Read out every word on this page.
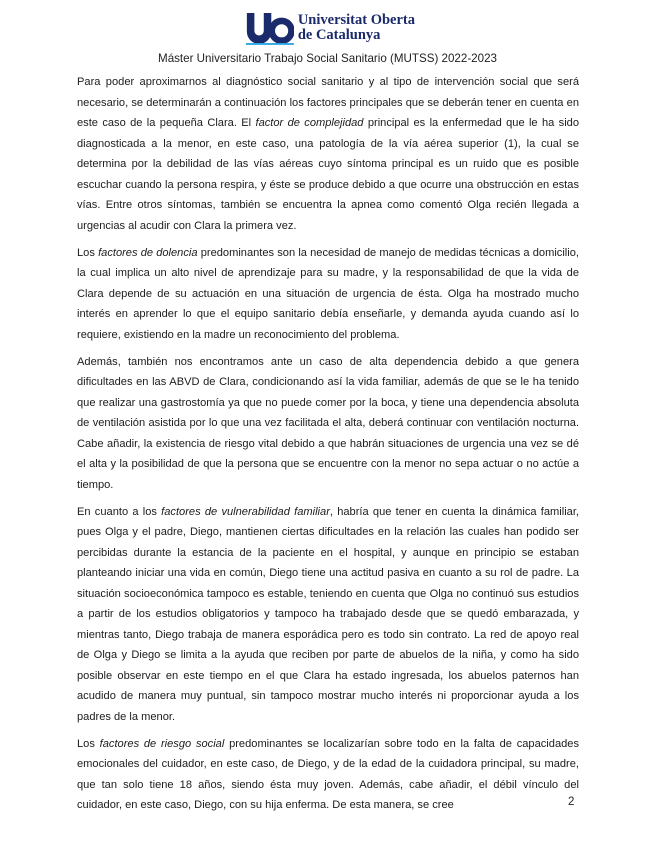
Universitat Oberta
de Catalunya
Máster Universitario Trabajo Social Sanitario (MUTSS) 2022-2023

Para poder aproximarnos al diagnóstico social sanitario y al tipo de intervención social que será necesario, se determinarán a continuación los factores principales que se deberán tener en cuenta en este caso de la pequeña Clara. El factor de complejidad principal es la enfermedad que le ha sido diagnosticada a la menor, en este caso, una patología de la vía aérea superior (1), la cual se determina por la debilidad de las vías aéreas cuyo síntoma principal es un ruido que es posible escuchar cuando la persona respira, y éste se produce debido a que ocurre una obstrucción en estas vías. Entre otros síntomas, también se encuentra la apnea como comentó Olga recién llegada a urgencias al acudir con Clara la primera vez.

Los factores de dolencia predominantes son la necesidad de manejo de medidas técnicas a domicilio, la cual implica un alto nivel de aprendizaje para su madre, y la responsabilidad de que la vida de Clara depende de su actuación en una situación de urgencia de ésta. Olga ha mostrado mucho interés en aprender lo que el equipo sanitario debía enseñarle, y demanda ayuda cuando así lo requiere, existiendo en la madre un reconocimiento del problema.

Además, también nos encontramos ante un caso de alta dependencia debido a que genera dificultades en las ABVD de Clara, condicionando así la vida familiar, además de que se le ha tenido que realizar una gastrostomía ya que no puede comer por la boca, y tiene una dependencia absoluta de ventilación asistida por lo que una vez facilitada el alta, deberá continuar con ventilación nocturna. Cabe añadir, la existencia de riesgo vital debido a que habrán situaciones de urgencia una vez se dé el alta y la posibilidad de que la persona que se encuentre con la menor no sepa actuar o no actúe a tiempo.

En cuanto a los factores de vulnerabilidad familiar, habría que tener en cuenta la dinámica familiar, pues Olga y el padre, Diego, mantienen ciertas dificultades en la relación las cuales han podido ser percibidas durante la estancia de la paciente en el hospital, y aunque en principio se estaban planteando iniciar una vida en común, Diego tiene una actitud pasiva en cuanto a su rol de padre. La situación socioeconómica tampoco es estable, teniendo en cuenta que Olga no continuó sus estudios a partir de los estudios obligatorios y tampoco ha trabajado desde que se quedó embarazada, y mientras tanto, Diego trabaja de manera esporádica pero es todo sin contrato. La red de apoyo real de Olga y Diego se limita a la ayuda que reciben por parte de abuelos de la niña, y como ha sido posible observar en este tiempo en el que Clara ha estado ingresada, los abuelos paternos han acudido de manera muy puntual, sin tampoco mostrar mucho interés ni proporcionar ayuda a los padres de la menor.

Los factores de riesgo social predominantes se localizarían sobre todo en la falta de capacidades emocionales del cuidador, en este caso, de Diego, y de la edad de la cuidadora principal, su madre, que tan solo tiene 18 años, siendo ésta muy joven. Además, cabe añadir, el débil vínculo del cuidador, en este caso, Diego, con su hija enferma. De esta manera, se cree	2
